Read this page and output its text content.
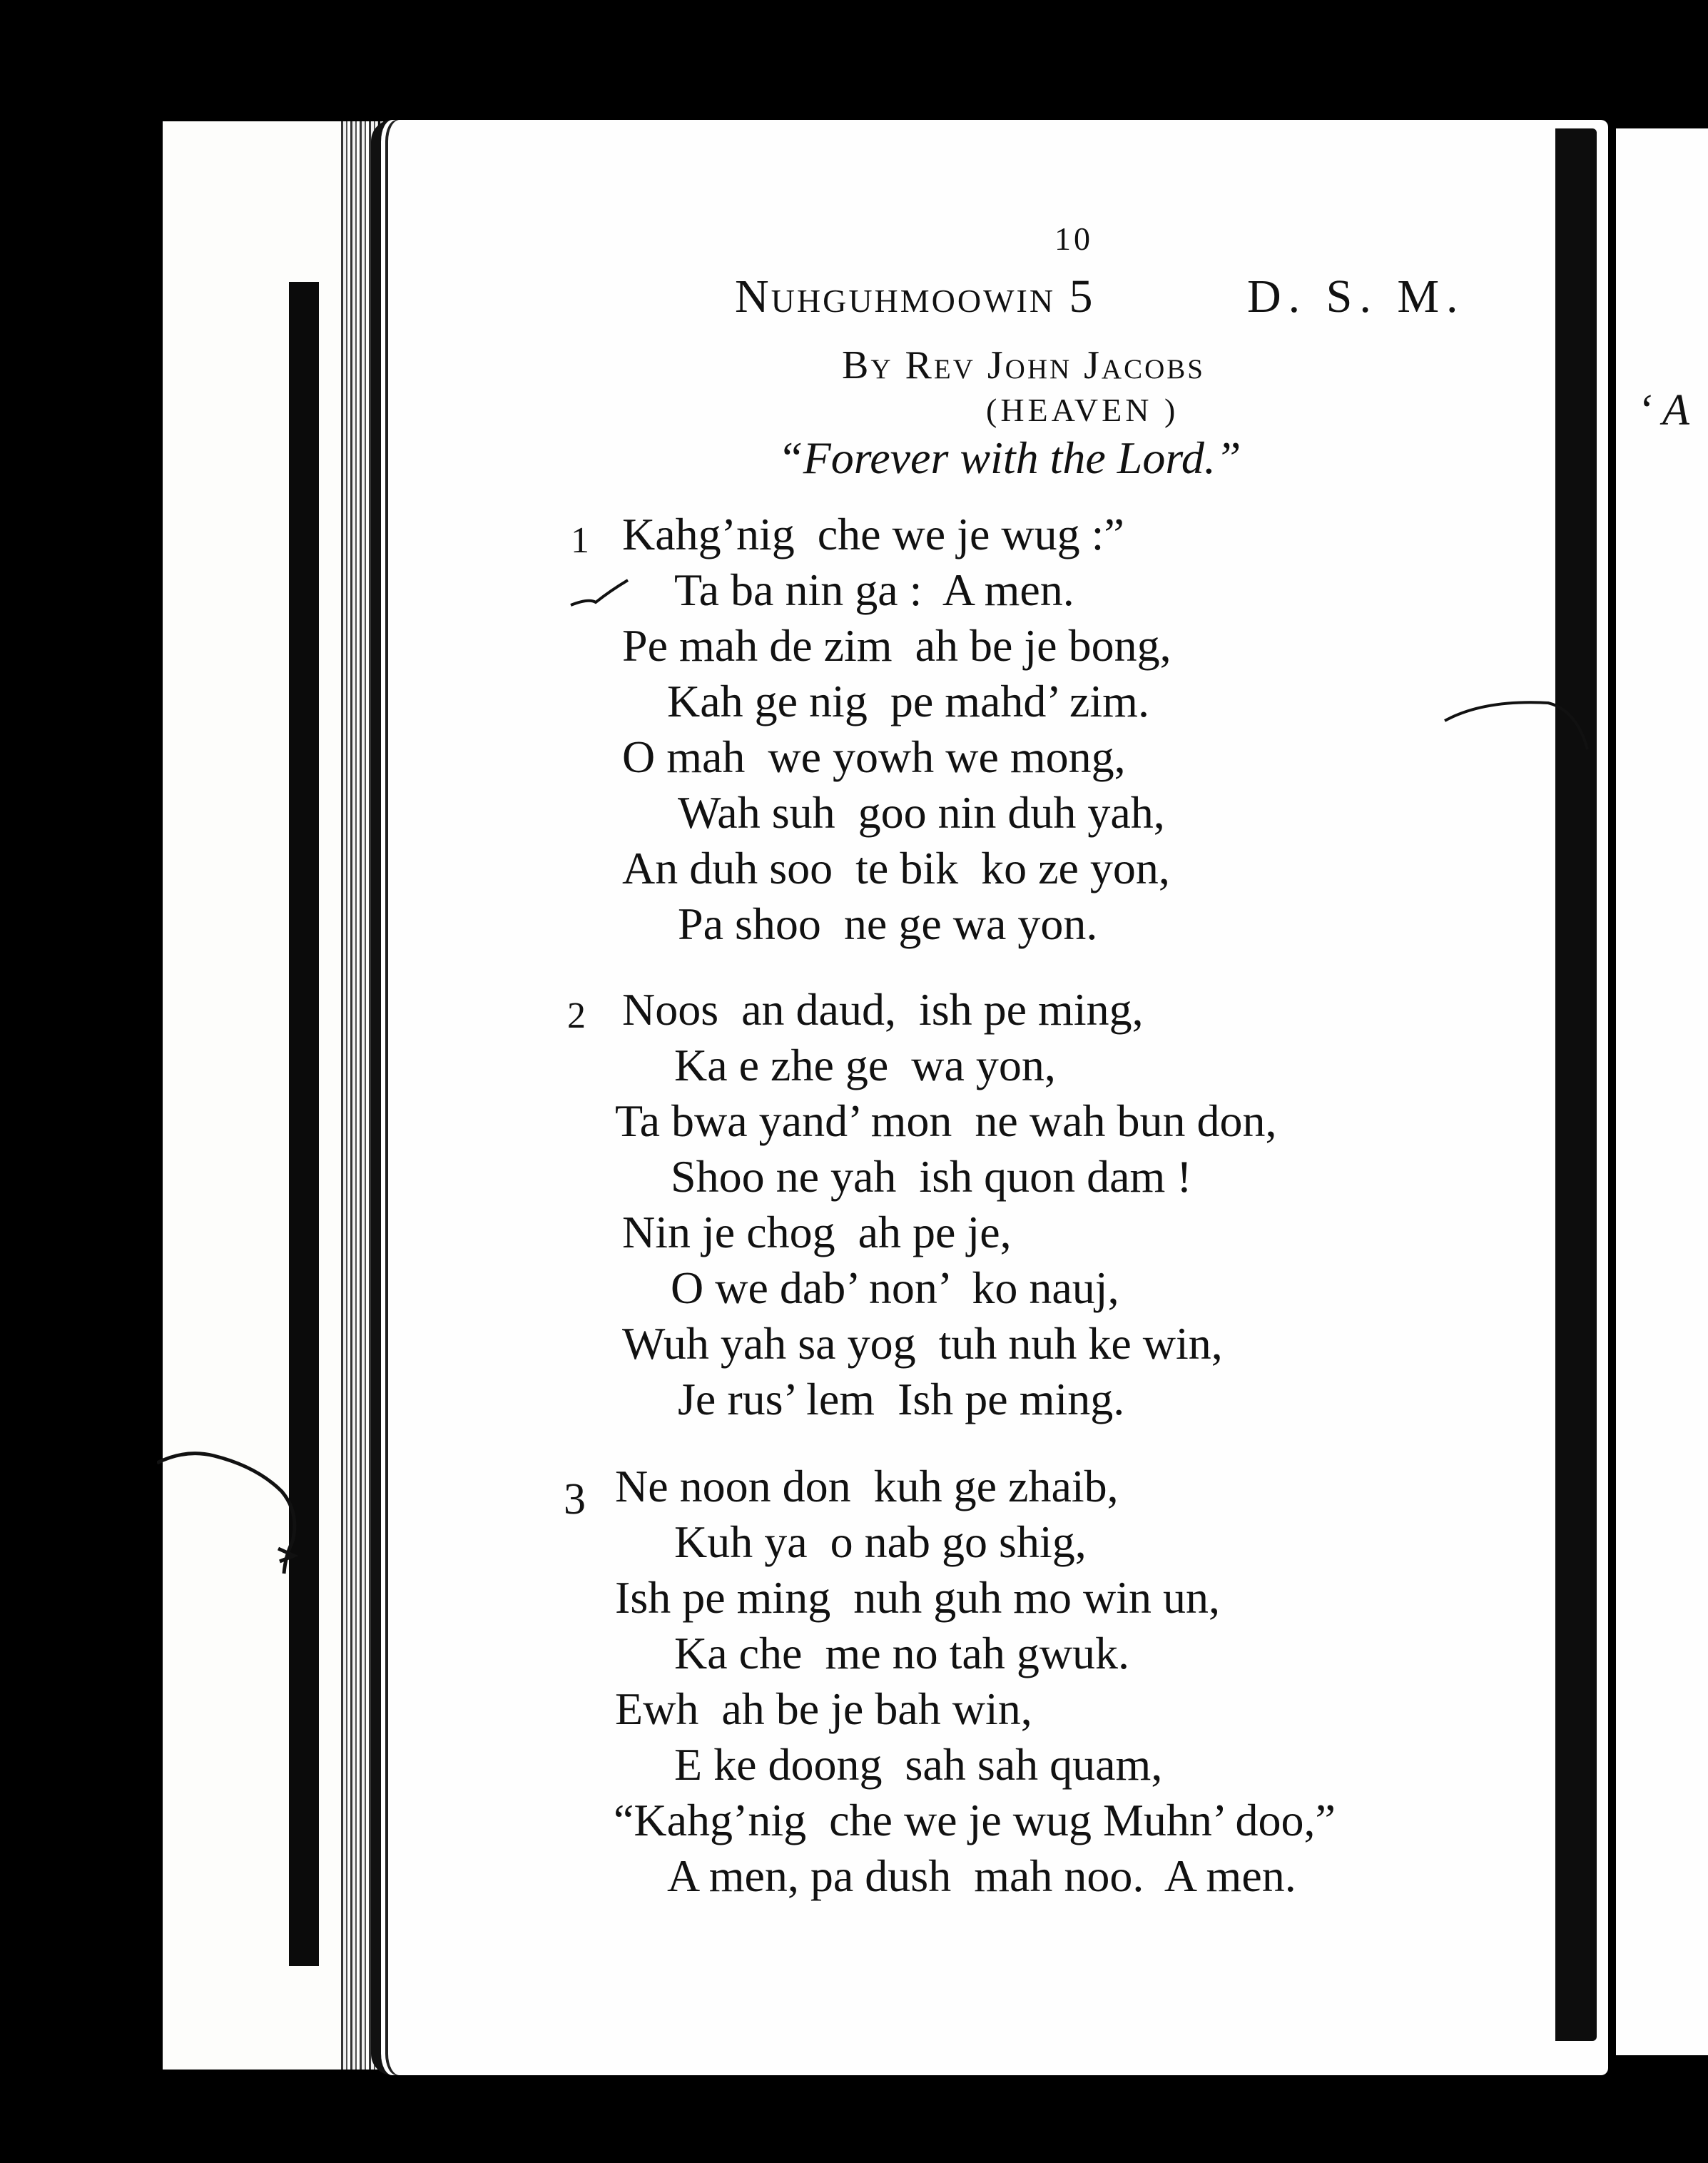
‘ A
10
Nuhguhmoowin 5	D. S. M.
By Rev John Jacobs
(HEAVEN )
“Forever with the Lord.”
1 Kahg’nig  che we je wug :”
Ta ba nin ga :  A men.
Pe mah de zim  ah be je bong,
Kah ge nig  pe mahd’ zim.
O mah  we yowh we mong,
Wah suh  goo nin duh yah,
An duh soo  te bik  ko ze yon,
Pa shoo  ne ge wa yon.
2 Noos  an daud,  ish pe ming,
Ka e zhe ge  wa yon,
Ta bwa yand’ mon  ne wah bun don,
Shoo ne yah  ish quon dam !
Nin je chog  ah pe je,
O we dab’ non’  ko nauj,
Wuh yah sa yog  tuh nuh ke win,
Je rus’ lem  Ish pe ming.
3 Ne noon don  kuh ge zhaib,
Kuh ya  o nab go shig,
Ish pe ming  nuh guh mo win un,
Ka che  me no tah gwuk.
Ewh  ah be je bah win,
E ke doong  sah sah quam,
“Kahg’nig  che we je wug Muhn’ doo,”
A men, pa dush  mah noo.  A men.
